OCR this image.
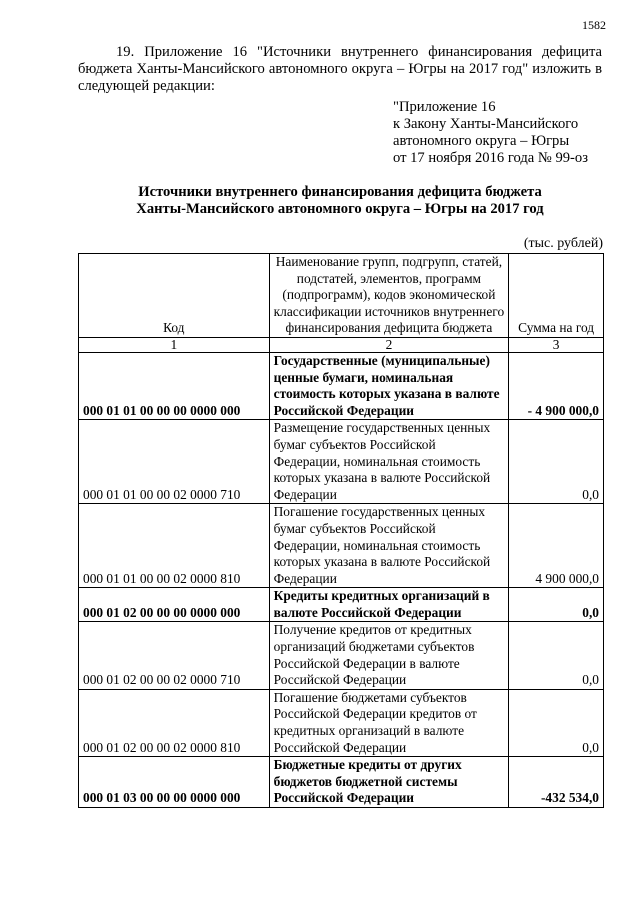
1582
19. Приложение 16 "Источники внутреннего финансирования дефицита бюджета Ханты-Мансийского автономного округа – Югры на 2017 год" изложить в следующей редакции:
"Приложение 16
к Закону Ханты-Мансийского
автономного округа – Югры
от 17 ноября 2016 года № 99-оз
Источники внутреннего финансирования дефицита бюджета
Ханты-Мансийского автономного округа – Югры на 2017 год
(тыс. рублей)
Код	Наименование групп, подгрупп, статей, подстатей, элементов, программ (подпрограмм), кодов экономической классификации источников внутреннего финансирования дефицита бюджета	Сумма на год
1	2	3
000 01 01 00 00 00 0000 000	Государственные (муниципальные) ценные бумаги, номинальная стоимость которых указана в валюте Российской Федерации	- 4 900 000,0
000 01 01 00 00 02 0000 710	Размещение государственных ценных бумаг субъектов Российской Федерации, номинальная стоимость которых указана в валюте Российской Федерации	0,0
000 01 01 00 00 02 0000 810	Погашение государственных ценных бумаг субъектов Российской Федерации, номинальная стоимость которых указана в валюте Российской Федерации	4 900 000,0
000 01 02 00 00 00 0000 000	Кредиты кредитных организаций в валюте Российской Федерации	0,0
000 01 02 00 00 02 0000 710	Получение кредитов от кредитных организаций бюджетами субъектов Российской Федерации в валюте Российской Федерации	0,0
000 01 02 00 00 02 0000 810	Погашение бюджетами субъектов Российской Федерации кредитов от кредитных организаций в валюте Российской Федерации	0,0
000 01 03 00 00 00 0000 000	Бюджетные кредиты от других бюджетов бюджетной системы Российской Федерации	-432 534,0
